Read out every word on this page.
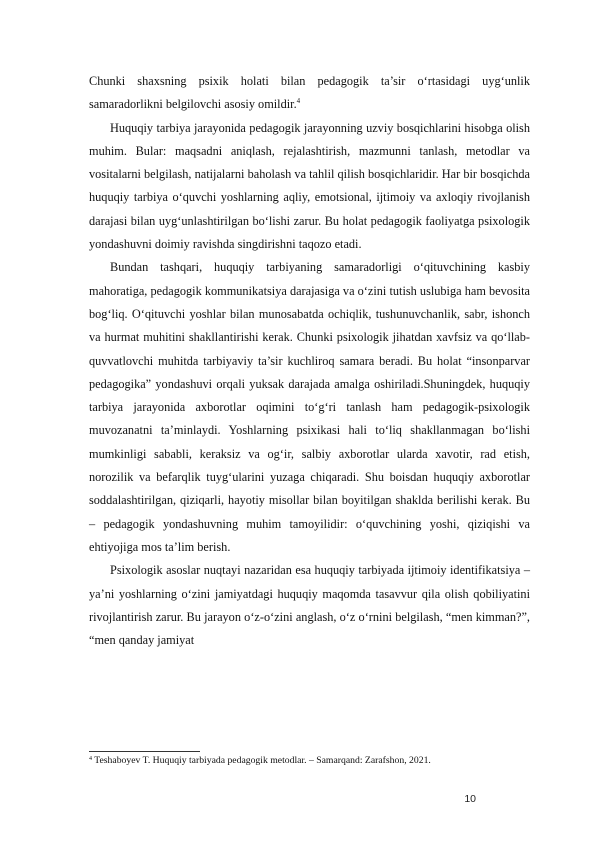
Chunki shaxsning psixik holati bilan pedagogik ta’sir o‘rtasidagi uyg‘unlik samaradorlikni belgilovchi asosiy omildir.$^4$

Huquqiy tarbiya jarayonida pedagogik jarayonning uzviy bosqichlarini hisobga olish muhim. Bular: maqsadni aniqlash, rejalashtirish, mazmunni tanlash, metodlar va vositalarni belgilash, natijalarni baholash va tahlil qilish bosqichlaridir. Har bir bosqichda huquqiy tarbiya o‘quvchi yoshlarning aqliy, emotsional, ijtimoiy va axloqiy rivojlanish darajasi bilan uyg‘unlashtirilgan bo‘lishi zarur. Bu holat pedagogik faoliyatga psixologik yondashuvni doimiy ravishda singdirishni taqozo etadi.

Bundan tashqari, huquqiy tarbiyaning samaradorligi o‘qituvchining kasbiy mahoratiga, pedagogik kommunikatsiya darajasiga va o‘zini tutish uslubiga ham bevosita bog‘liq. O‘qituvchi yoshlar bilan munosabatda ochiqlik, tushunuvchanlik, sabr, ishonch va hurmat muhitini shakllantirishi kerak. Chunki psixologik jihatdan xavfsiz va qo‘llab-quvvatlovchi muhitda tarbiyaviy ta’sir kuchliroq samara beradi. Bu holat “insonparvar pedagogika” yondashuvi orqali yuksak darajada amalga oshiriladi.Shuningdek, huquqiy tarbiya jarayonida axborotlar oqimini to‘g‘ri tanlash ham pedagogik-psixologik muvozanatni ta’minlaydi. Yoshlarning psixikasi hali to‘liq shakllanmagan bo‘lishi mumkinligi sababli, keraksiz va og‘ir, salbiy axborotlar ularda xavotir, rad etish, norozilik va befarqlik tuyg‘ularini yuzaga chiqaradi. Shu boisdan huquqiy axborotlar soddalashtirilgan, qiziqarli, hayotiy misollar bilan boyitilgan shaklda berilishi kerak. Bu – pedagogik yondashuvning muhim tamoyilidir: o‘quvchining yoshi, qiziqishi va ehtiyojiga mos ta’lim berish.

Psixologik asoslar nuqtayi nazaridan esa huquqiy tarbiyada ijtimoiy identifikatsiya – ya’ni yoshlarning o‘zini jamiyatdagi huquqiy maqomda tasavvur qila olish qobiliyatini rivojlantirish zarur. Bu jarayon o‘z-o‘zini anglash, o‘z o‘rnini belgilash, “men kimman?”, “men qanday jamiyat

$^4$ Teshaboyev T. Huquqiy tarbiyada pedagogik metodlar. – Samarqand: Zarafshon, 2021.
10
